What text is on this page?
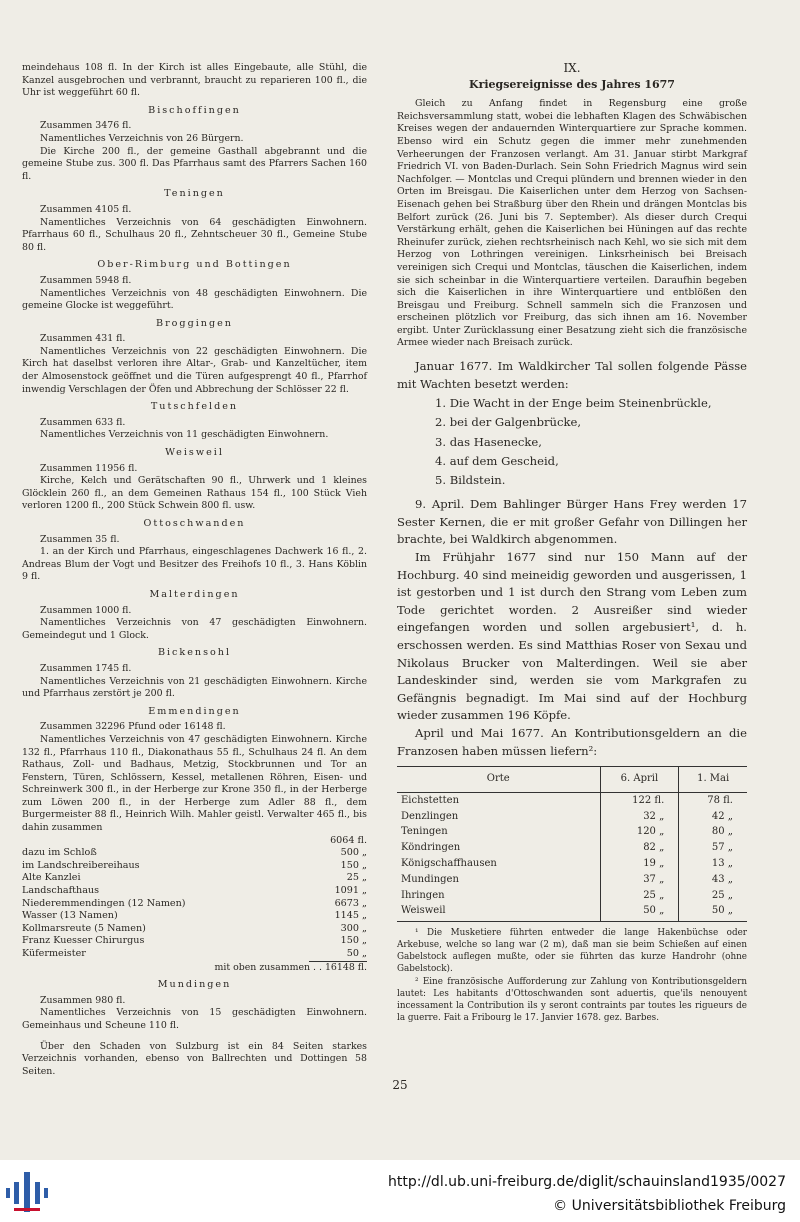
meindehaus 108 fl. In der Kirch ist alles Eingebaute, alle Stühl, die Kanzel ausgebrochen und verbrannt, braucht zu reparieren 100 fl., die Uhr ist weggeführt 60 fl.

Bischoffingen

Zusammen 3476 fl.

Namentliches Verzeichnis von 26 Bürgern.

Die Kirche 200 fl., der gemeine Gasthall abgebrannt und die gemeine Stube zus. 300 fl. Das Pfarrhaus samt des Pfarrers Sachen 160 fl.

Teningen

Zusammen 4105 fl.

Namentliches Verzeichnis von 64 geschädigten Einwohnern. Pfarrhaus 60 fl., Schulhaus 20 fl., Zehntscheuer 30 fl., Gemeine Stube 80 fl.

Ober-Rimburg und Bottingen

Zusammen 5948 fl.

Namentliches Verzeichnis von 48 geschädigten Einwohnern. Die gemeine Glocke ist weggeführt.

Broggingen

Zusammen 431 fl.

Namentliches Verzeichnis von 22 geschädigten Einwohnern. Die Kirch hat daselbst verloren ihre Altar-, Grab- und Kanzeltücher, item der Almosenstock geöffnet und die Türen aufgesprengt 40 fl., Pfarrhof inwendig Verschlagen der Öfen und Abbrechung der Schlösser 22 fl.

Tutschfelden

Zusammen 633 fl.

Namentliches Verzeichnis von 11 geschädigten Einwohnern.

Weisweil

Zusammen 11956 fl.

Kirche, Kelch und Gerätschaften 90 fl., Uhrwerk und 1 kleines Glöcklein 260 fl., an dem Gemeinen Rathaus 154 fl., 100 Stück Vieh verloren 1200 fl., 200 Stück Schwein 800 fl. usw.

Ottoschwanden

Zusammen 35 fl.

1. an der Kirch und Pfarrhaus, eingeschlagenes Dachwerk 16 fl., 2. Andreas Blum der Vogt und Besitzer des Freihofs 10 fl., 3. Hans Köblin 9 fl.

Malterdingen

Zusammen 1000 fl.

Namentliches Verzeichnis von 47 geschädigten Einwohnern. Gemeindegut und 1 Glock.

Bickensohl

Zusammen 1745 fl.

Namentliches Verzeichnis von 21 geschädigten Einwohnern. Kirche und Pfarrhaus zerstört je 200 fl.

Emmendingen

Zusammen 32296 Pfund oder 16148 fl.

Namentliches Verzeichnis von 47 geschädigten Einwohnern. Kirche 132 fl., Pfarrhaus 110 fl., Diakonathaus 55 fl., Schulhaus 24 fl. An dem Rathaus, Zoll- und Badhaus, Metzig, Stockbrunnen und Tor an Fenstern, Türen, Schlössern, Kessel, metallenen Röhren, Eisen- und Schreinwerk 300 fl., in der Herberge zur Krone 350 fl., in der Herberge zum Löwen 200 fl., in der Herberge zum Adler 88 fl., dem Burgermeister 88 fl., Heinrich Wilh. Mahler geistl. Verwalter 465 fl., bis dahin zusammen

	6064 fl.
dazu im Schloß	500 „
im Landschreibereihaus	150 „
Alte Kanzlei	25 „
Landschafthaus	1091 „
Niederemmendingen (12 Namen)	6673 „
Wasser (13 Namen)	1145 „
Kollmarsreute (5 Namen)	300 „
Franz Kuesser Chirurgus	150 „
Küfermeister	50 „

mit oben zusammen . . 16148 fl.

Mundingen

Zusammen 980 fl.

Namentliches Verzeichnis von 15 geschädigten Einwohnern. Gemeinhaus und Scheune 110 fl.

Über den Schaden von Sulzburg ist ein 84 Seiten starkes Verzeichnis vorhanden, ebenso von Ballrechten und Dottingen 58 Seiten.

IX.
Kriegsereignisse des Jahres 1677

Gleich zu Anfang findet in Regensburg eine große Reichsversammlung statt, wobei die lebhaften Klagen des Schwäbischen Kreises wegen der andauernden Winterquartiere zur Sprache kommen. Ebenso wird ein Schutz gegen die immer mehr zunehmenden Verheerungen der Franzosen verlangt. Am 31. Januar stirbt Markgraf Friedrich VI. von Baden-Durlach. Sein Sohn Friedrich Magnus wird sein Nachfolger. — Montclas und Crequi plündern und brennen wieder in den Orten im Breisgau. Die Kaiserlichen unter dem Herzog von Sachsen-Eisenach gehen bei Straßburg über den Rhein und drängen Montclas bis Belfort zurück (26. Juni bis 7. September). Als dieser durch Crequi Verstärkung erhält, gehen die Kaiserlichen bei Hüningen auf das rechte Rheinufer zurück, ziehen rechtsrheinisch nach Kehl, wo sie sich mit dem Herzog von Lothringen vereinigen. Linksrheinisch bei Breisach vereinigen sich Crequi und Montclas, täuschen die Kaiserlichen, indem sie sich scheinbar in die Winterquartiere verteilen. Daraufhin begeben sich die Kaiserlichen in ihre Winterquartiere und entblößen den Breisgau und Freiburg. Schnell sammeln sich die Franzosen und erscheinen plötzlich vor Freiburg, das sich ihnen am 16. November ergibt. Unter Zurücklassung einer Besatzung zieht sich die französische Armee wieder nach Breisach zurück.

Januar 1677. Im Waldkircher Tal sollen folgende Pässe mit Wachten besetzt werden:

1. Die Wacht in der Enge beim Steinenbrückle,
2. bei der Galgenbrücke,
3. das Hasenecke,
4. auf dem Gescheid,
5. Bildstein.

9. April. Dem Bahlinger Bürger Hans Frey werden 17 Sester Kernen, die er mit großer Gefahr von Dillingen her brachte, bei Waldkirch abgenommen.

Im Frühjahr 1677 sind nur 150 Mann auf der Hochburg. 40 sind meineidig geworden und ausgerissen, 1 ist gestorben und 1 ist durch den Strang vom Leben zum Tode gerichtet worden. 2 Ausreißer sind wieder eingefangen worden und sollen argebusiert¹, d. h. erschossen werden. Es sind Matthias Roser von Sexau und Nikolaus Brucker von Malterdingen. Weil sie aber Landeskinder sind, werden sie vom Markgrafen zu Gefängnis begnadigt. Im Mai sind auf der Hochburg wieder zusammen 196 Köpfe.

April und Mai 1677. An Kontributionsgeldern an die Franzosen haben müssen liefern²:

Orte	6. April	1. Mai
Eichstetten	122 fl.	78 fl.
Denzlingen	32 „	42 „
Teningen	120 „	80 „
Köndringen	82 „	57 „
Königschaffhausen	19 „	13 „
Mundingen	37 „	43 „
Ihringen	25 „	25 „
Weisweil	50 „	50 „

¹ Die Musketiere führten entweder die lange Hakenbüchse oder Arkebuse, welche so lang war (2 m), daß man sie beim Schießen auf einen Gabelstock auflegen mußte, oder sie führten das kurze Handrohr (ohne Gabelstock).

² Eine französische Aufforderung zur Zahlung von Kontributionsgeldern lautet: Les habitants d'Ottoschwanden sont aduertis, que'ils nenouyent incessament la Contribution ils y seront contraints par toutes les rigueurs de la guerre. Fait a Fribourg le 17. Janvier 1678. gez. Barbes.

25
http://dl.ub.uni-freiburg.de/diglit/schauinsland1935/0027
© Universitätsbibliothek Freiburg
